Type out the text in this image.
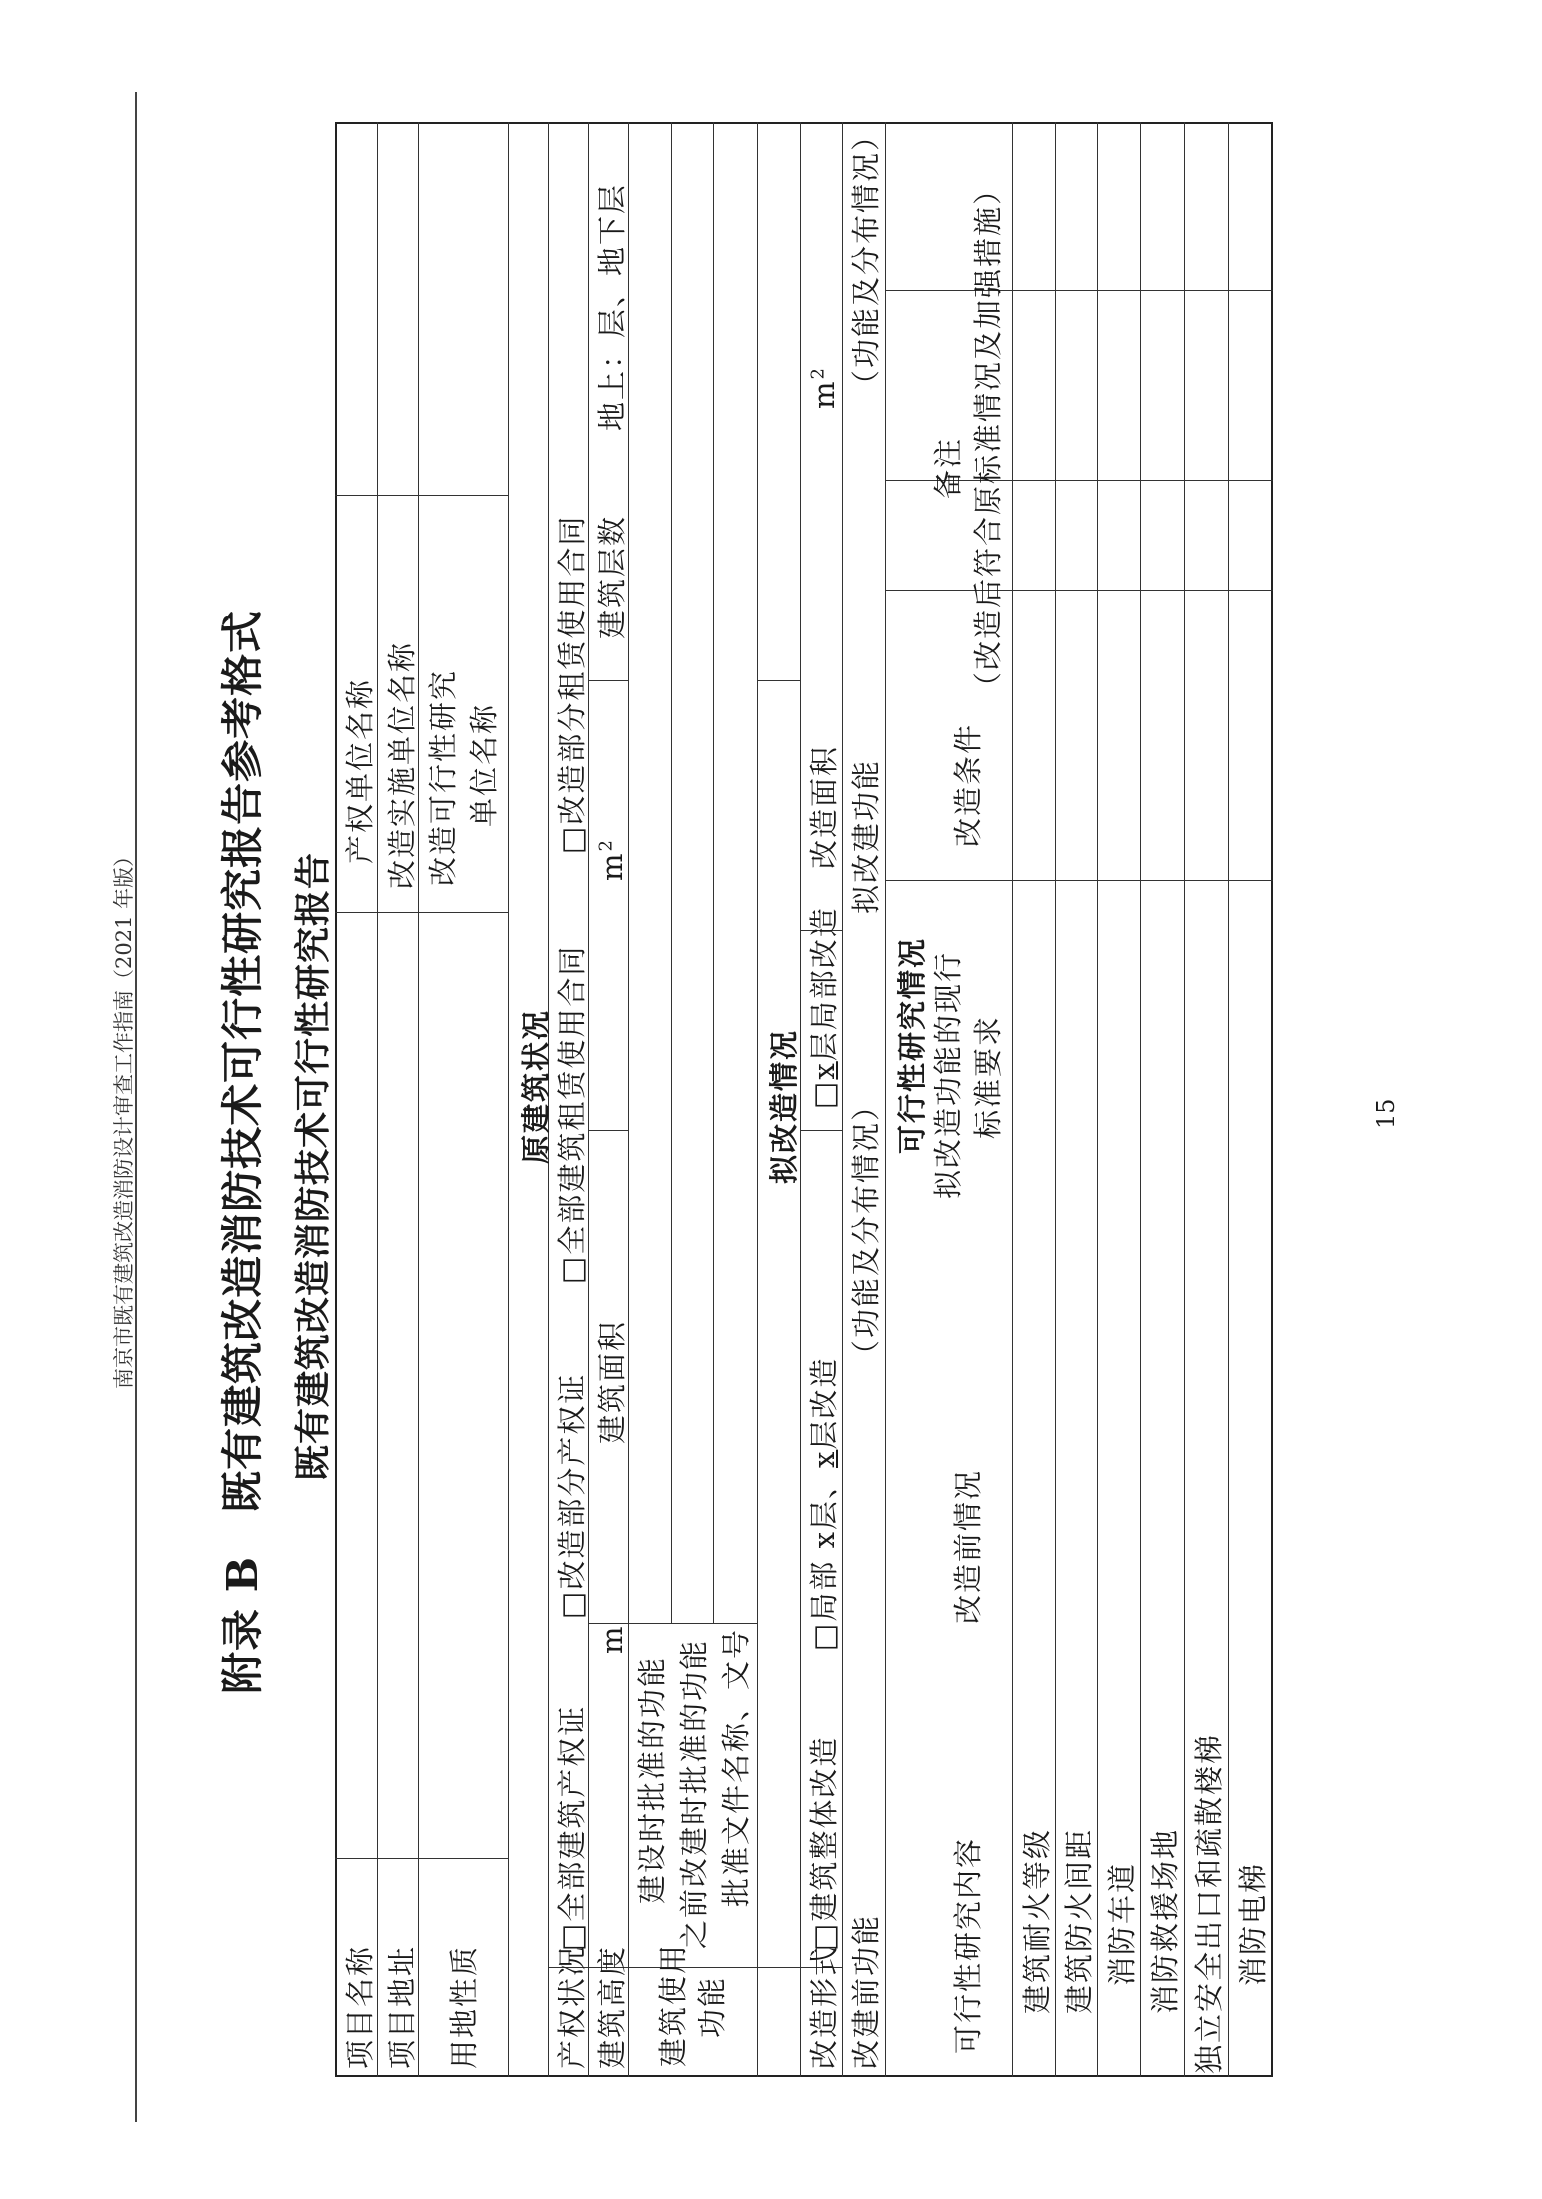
南京市既有建筑改造消防设计审查工作指南（2021 年版） 附录 B　既有建筑改造消防技术可行性研究报告参考格式 既有建筑改造消防技术可行性研究报告	15
项目名称
产权单位名称
项目地址
改造实施单位名称
用地性质
改造可行性研究 单位名称
原建筑状况
产权状况
□全部建筑产权证
□改造部分产权证
□全部建筑租赁使用合同
□改造部分租赁使用合同
建筑高度
m
建筑面积
$m^2$
建筑层数
地上：层、地下层
建筑使用 功能
建设时批准的功能 之前改建时批准的功能 批准文件名称、文号
拟改造情况
改造形式
□建筑整体改造
□局部 x层、x层改造
□x层局部改造
改造面积
$m^2$
改建前功能
（功能及分布情况）
拟改建功能
（功能及分布情况）
可行性研究情况
可行性研究内容
改造前情况
拟改造功能的现行 标准要求
改造条件
备注 （改造后符合原标准情况及加强措施）
建筑耐火等级 建筑防火间距 消防车道 消防救援场地 独立安全出口和疏散楼梯 消防电梯
